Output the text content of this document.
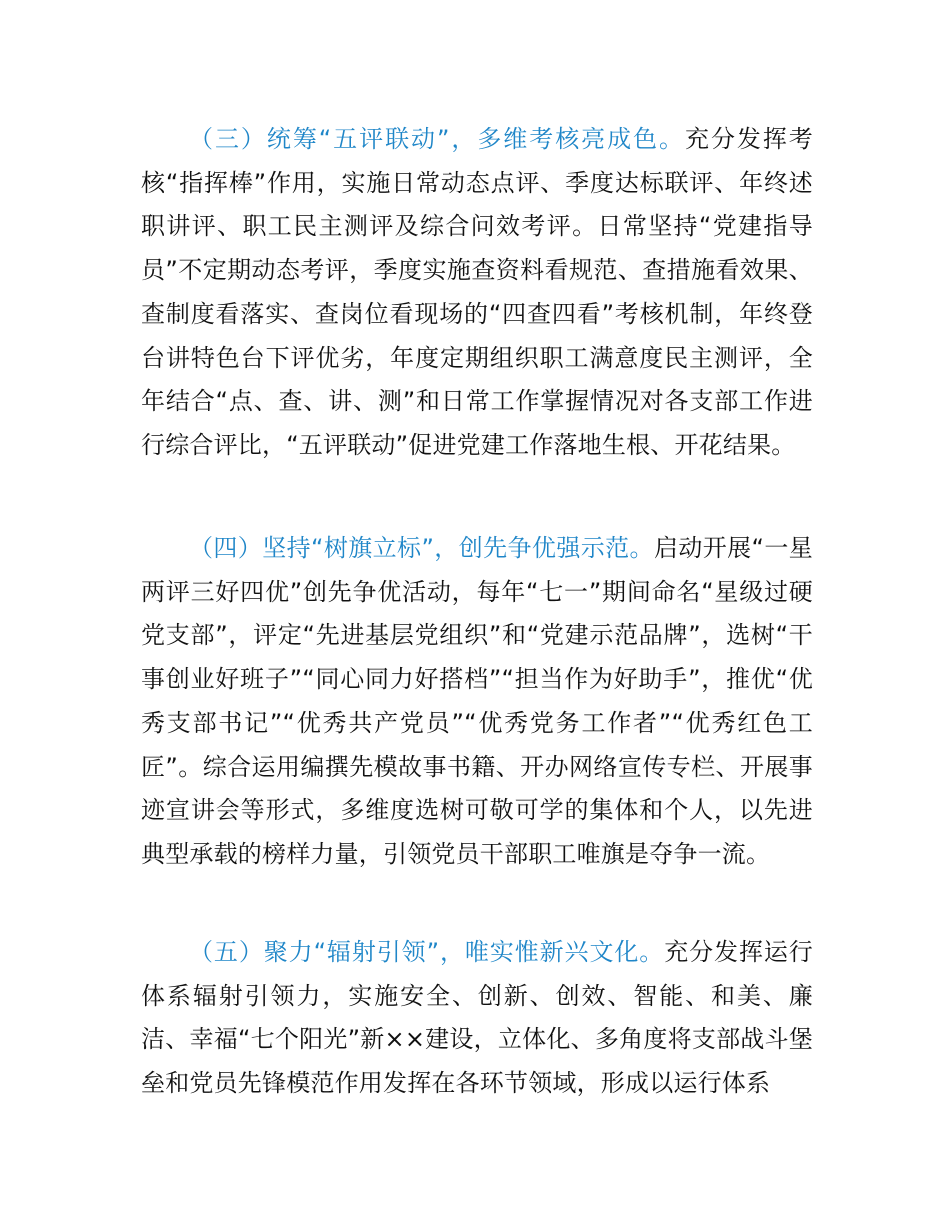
（三）统筹“五评联动”，多维考核亮成色。充分发挥考核“指挥棒”作用，实施日常动态点评、季度达标联评、年终述职讲评、职工民主测评及综合问效考评。日常坚持“党建指导员”不定期动态考评，季度实施查资料看规范、查措施看效果、查制度看落实、查岗位看现场的“四查四看”考核机制，年终登台讲特色台下评优劣，年度定期组织职工满意度民主测评，全年结合“点、查、讲、测”和日常工作掌握情况对各支部工作进行综合评比，“五评联动”促进党建工作落地生根、开花结果。

（四）坚持“树旗立标”，创先争优强示范。启动开展“一星两评三好四优”创先争优活动，每年“七一”期间命名“星级过硬党支部”，评定“先进基层党组织”和“党建示范品牌”，选树“干事创业好班子”“同心同力好搭档”“担当作为好助手”，推优“优秀支部书记”“优秀共产党员”“优秀党务工作者”“优秀红色工匠”。综合运用编撰先模故事书籍、开办网络宣传专栏、开展事迹宣讲会等形式，多维度选树可敬可学的集体和个人，以先进典型承载的榜样力量，引领党员干部职工唯旗是夺争一流。

（五）聚力“辐射引领”，唯实惟新兴文化。充分发挥运行体系辐射引领力，实施安全、创新、创效、智能、和美、廉洁、幸福“七个阳光”新××建设，立体化、多角度将支部战斗堡垒和党员先锋模范作用发挥在各环节领域，形成以运行体系
